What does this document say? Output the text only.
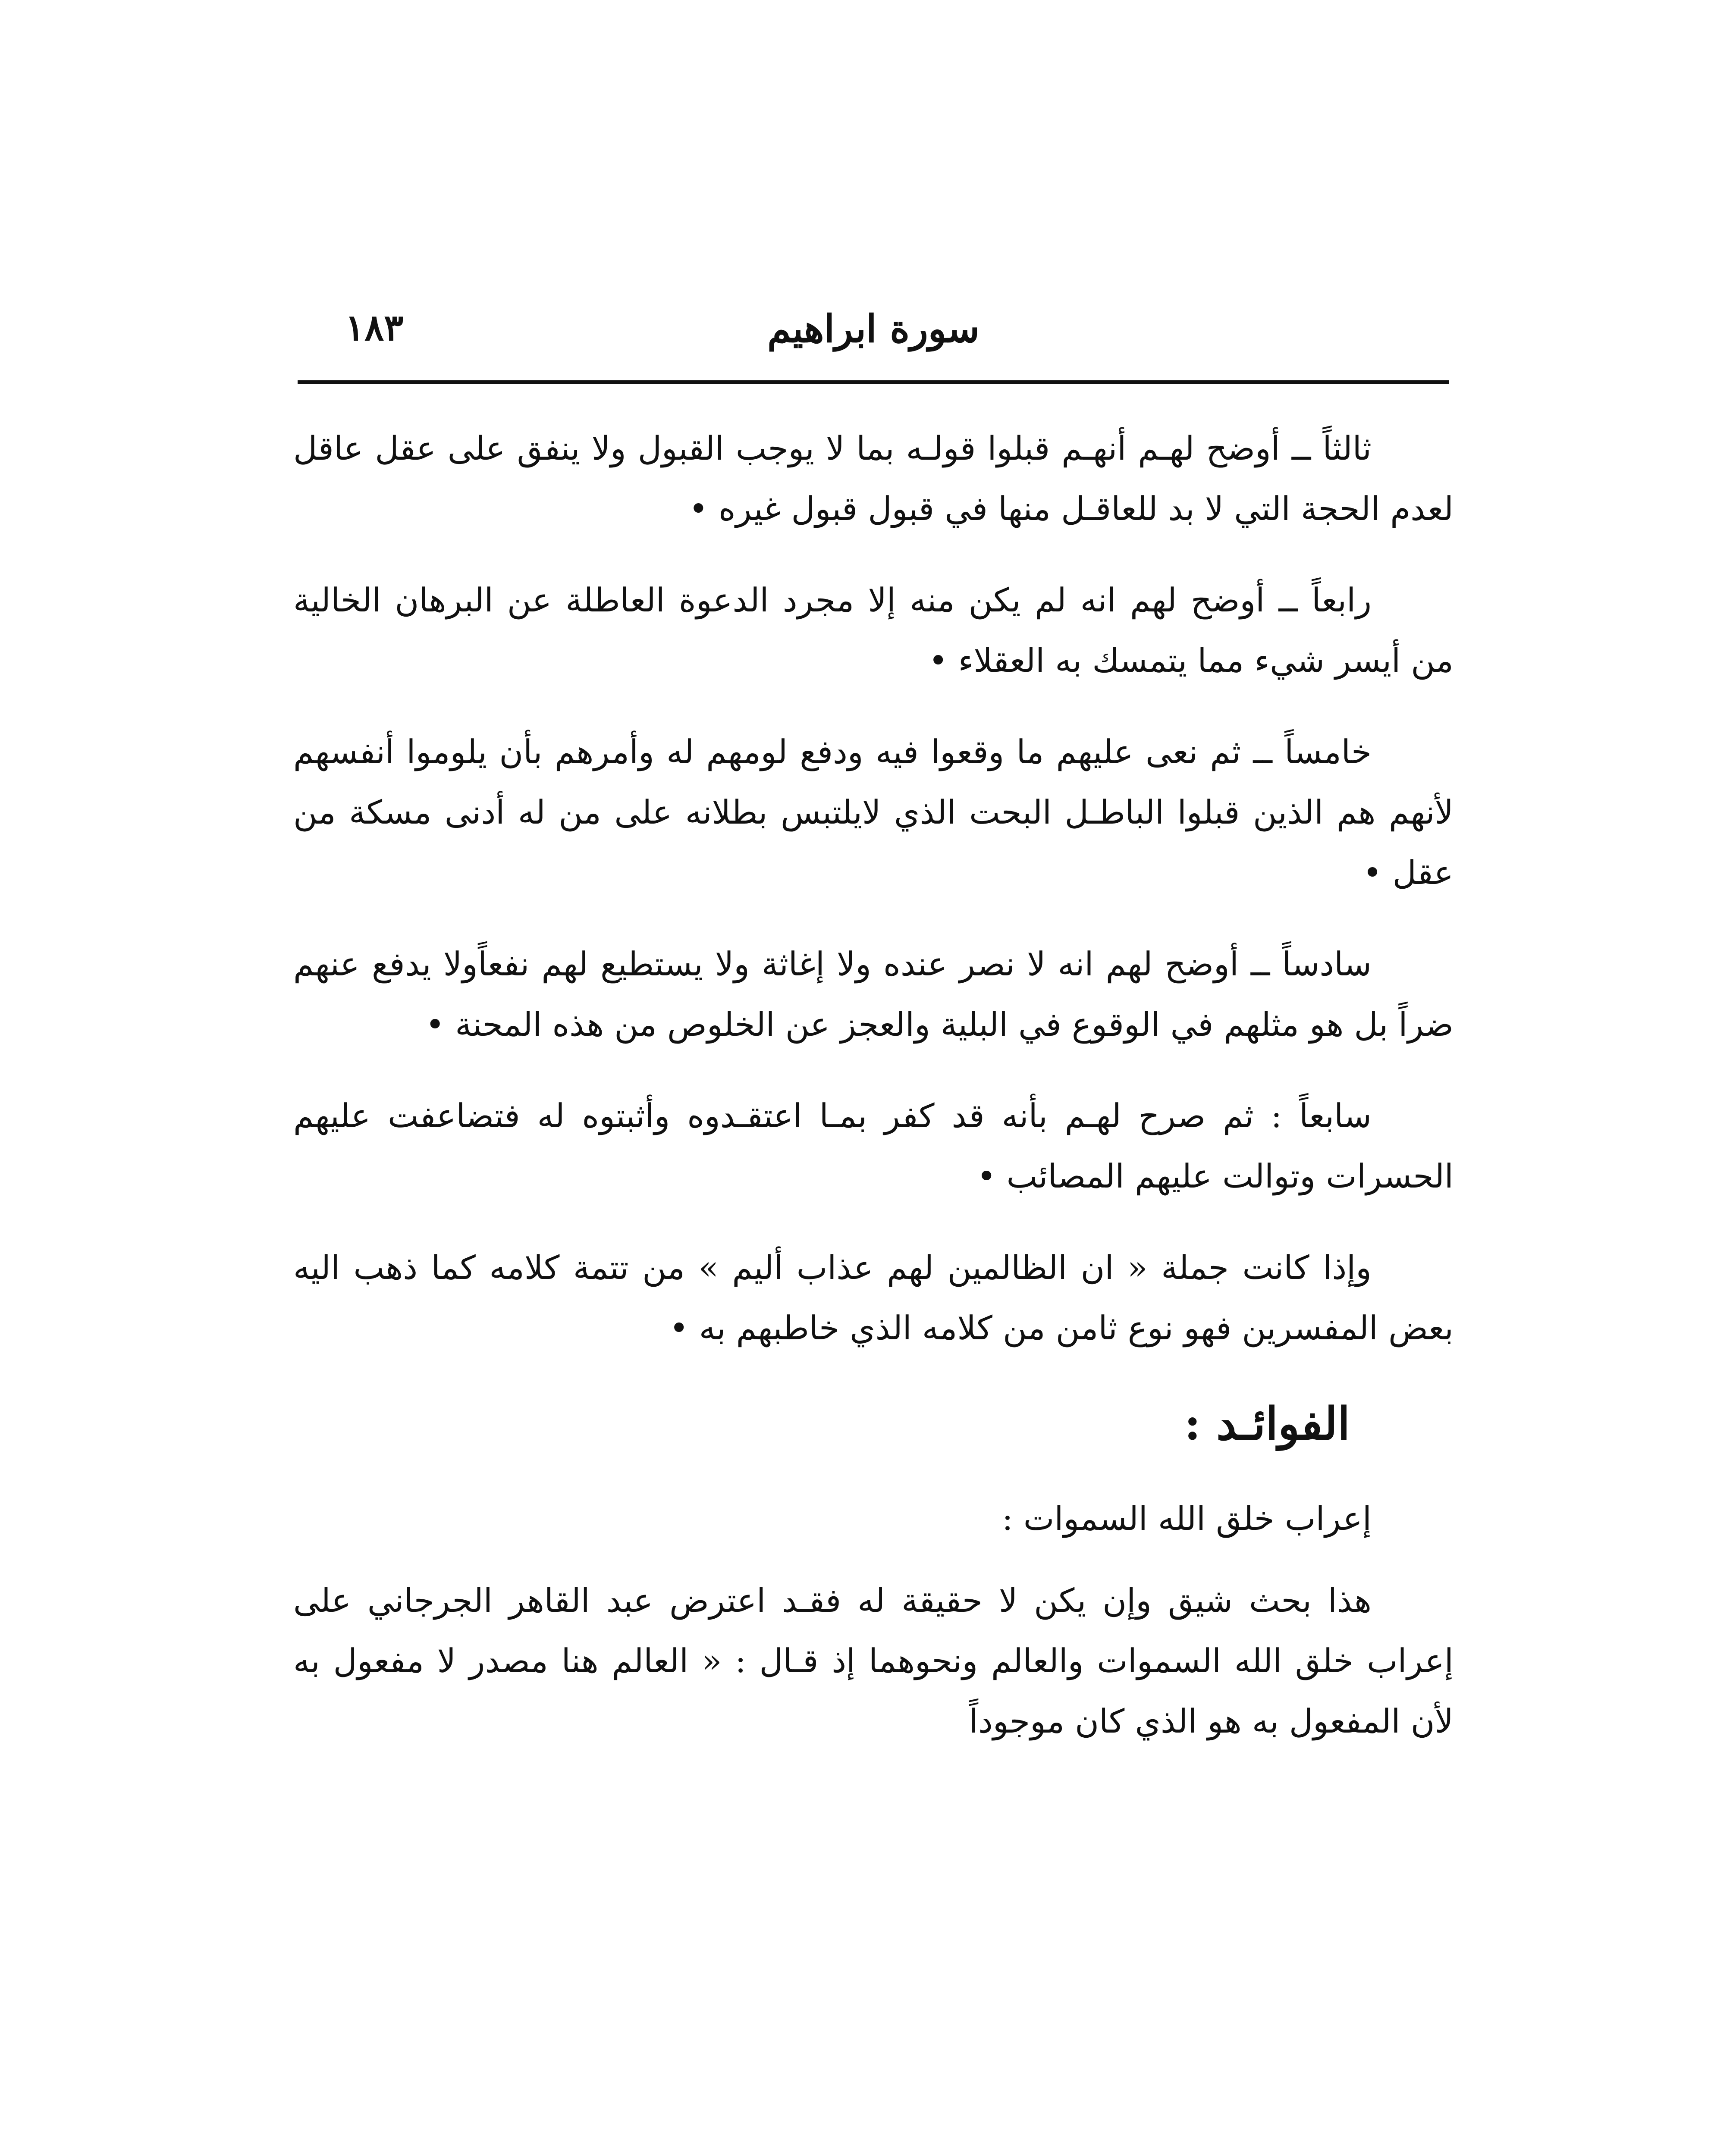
١٨٣	سورة ابراهيم

ثالثاً ــ أوضح لهـم أنهـم قبلوا قولـه بما لا يوجب القبول ولا ينفق على عقل عاقل لعدم الحجة التي لا بد للعاقـل منها في قبول قبول غيره •

رابعاً ــ أوضح لهم انه لم يكن منه إلا مجرد الدعوة العاطلة عن البرهان الخالية من أيسر شيء مما يتمسك به العقلاء •

خامساً ــ ثم نعى عليهم ما وقعوا فيه ودفع لومهم له وأمرهم بأن يلوموا أنفسهم لأنهم هم الذين قبلوا الباطـل البحت الذي لايلتبس بطلانه على من له أدنى مسكة من عقل •

سادساً ــ أوضح لهم انه لا نصر عنده ولا إغاثة ولا يستطيع لهم نفعاًولا يدفع عنهم ضراً بل هو مثلهم في الوقوع في البلية والعجز عن الخلوص من هذه المحنة •

سابعاً : ثم صرح لهـم بأنه قد كفر بمـا اعتقـدوه وأثبتوه له فتضاعفت عليهم الحسرات وتوالت عليهم المصائب •

وإذا كانت جملة « ان الظالمين لهم عذاب أليم » من تتمة كلامه كما ذهب اليه بعض المفسرين فهو نوع ثامن من كلامه الذي خاطبهم به •

الفوائـد :
إعراب خلق الله السموات :

هذا بحث شيق وإن يكن لا حقيقة له فقـد اعترض عبد القاهر الجرجاني على إعراب خلق الله السموات والعالم ونحوهما إذ قـال : « العالم هنا مصدر لا مفعول به لأن المفعول به هو الذي كان موجوداً
